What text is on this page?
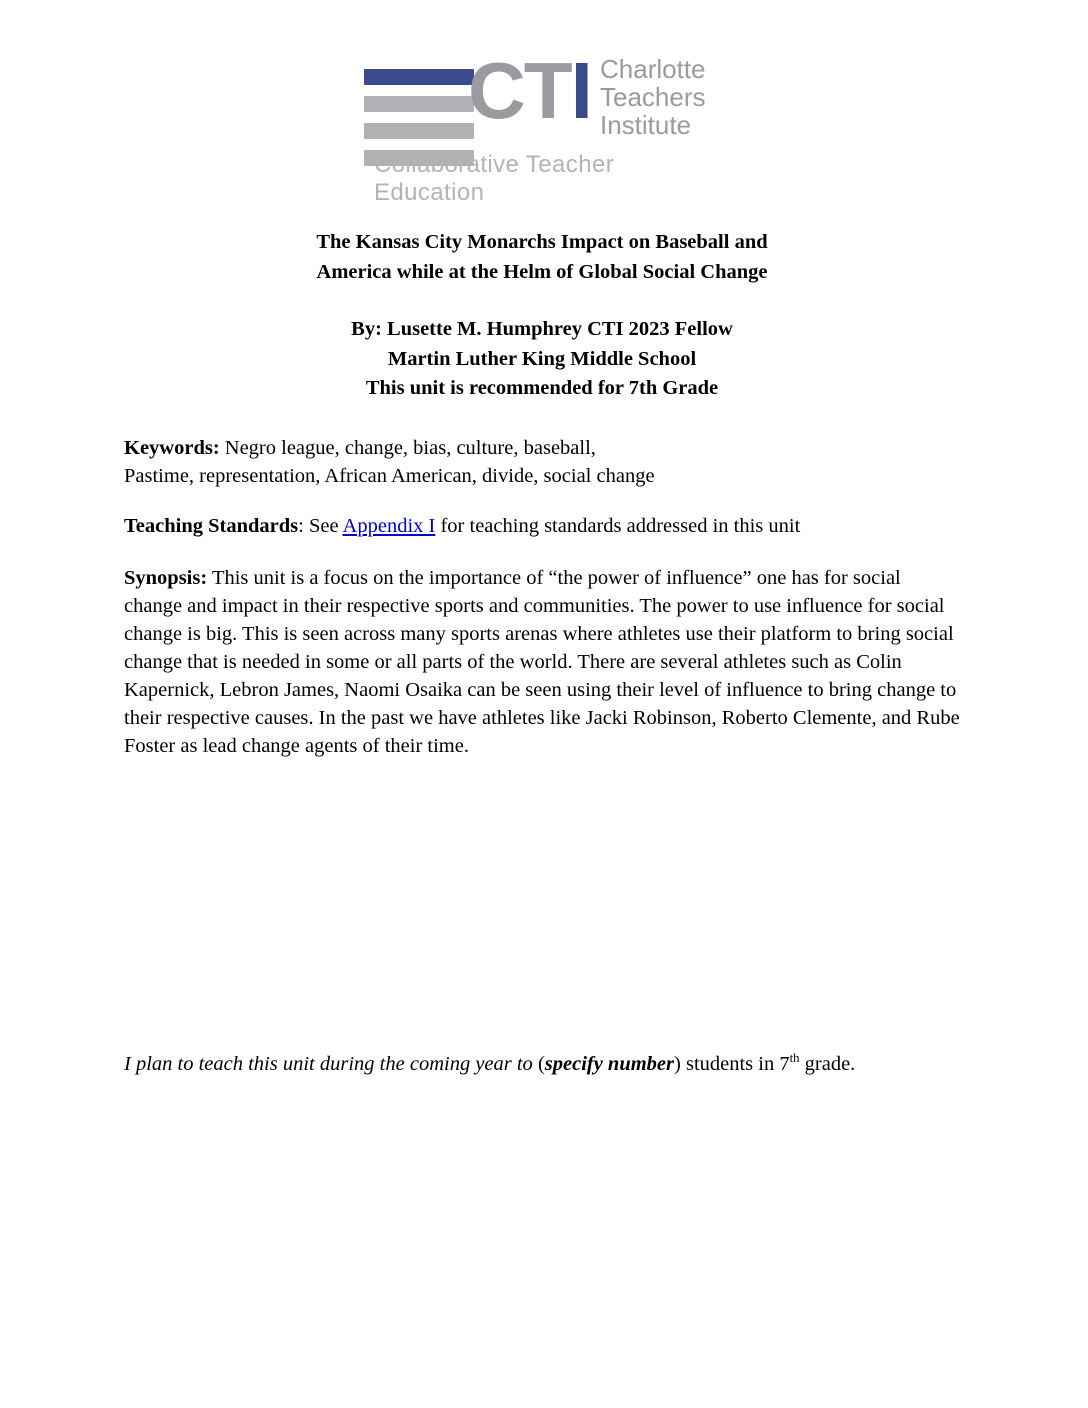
CTI Charlotte
Teachers
Institute
Collaborative Teacher Education
The Kansas City Monarchs Impact on Baseball and
America while at the Helm of Global Social Change
By: Lusette M. Humphrey CTI 2023 Fellow
Martin Luther King Middle School
This unit is recommended for 7th Grade

Keywords: Negro league, change, bias, culture, baseball,
Pastime, representation, African American, divide, social change

Teaching Standards: See Appendix I for teaching standards addressed in this unit

Synopsis: This unit is a focus on the importance of “the power of influence” one has for social change and impact in their respective sports and communities. The power to use influence for social change is big. This is seen across many sports arenas where athletes use their platform to bring social change that is needed in some or all parts of the world. There are several athletes such as Colin Kapernick, Lebron James, Naomi Osaika can be seen using their level of influence to bring change to their respective causes. In the past we have athletes like Jacki Robinson, Roberto Clemente, and Rube Foster as lead change agents of their time.

I plan to teach this unit during the coming year to (specify number) students in 7th grade.
